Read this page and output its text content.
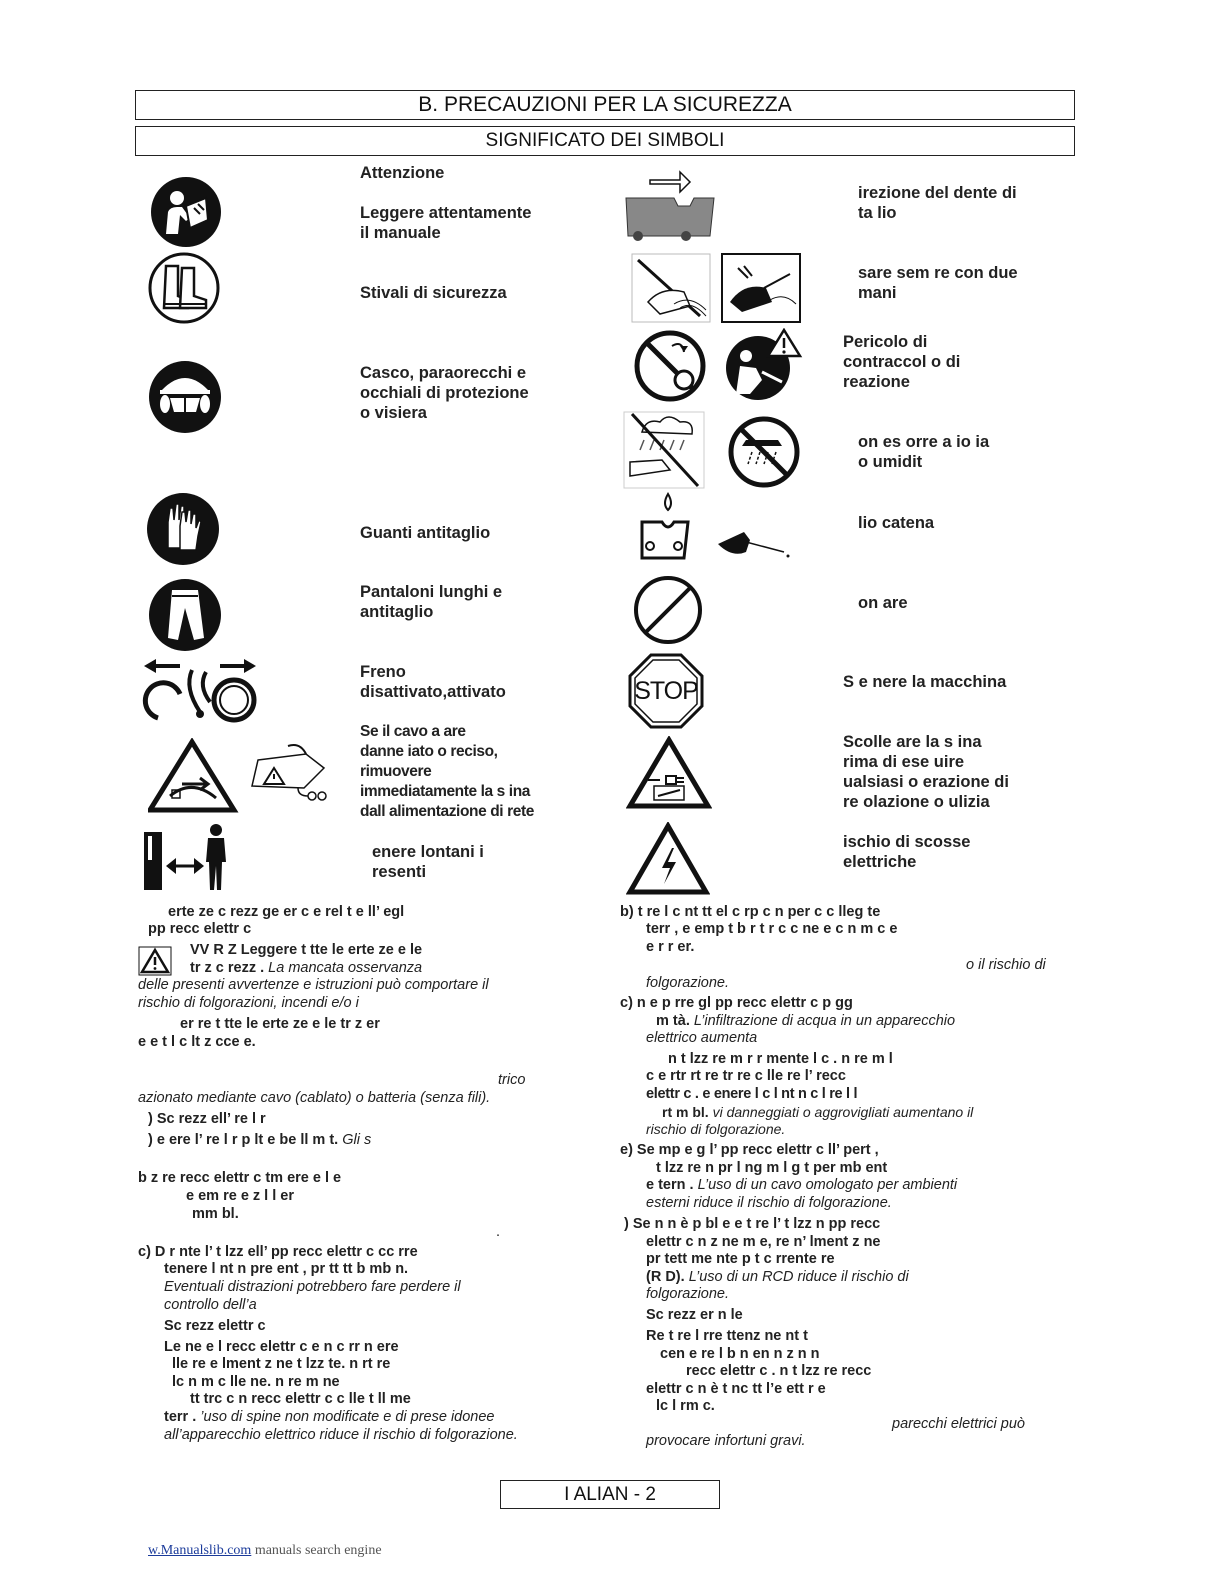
B. PRECAUZIONI PER LA SICUREZZA
SIGNIFICATO DEI SIMBOLI
Attenzione
Leggere attentamente
il manuale
Stivali di sicurezza
Casco, paraorecchi e
occhiali di protezione
o visiera
Guanti antitaglio
Pantaloni lunghi e
antitaglio
Freno
disattivato,attivato
Se il cavo a are
danne iato o reciso,
rimuovere
immediatamente la s ina
dall alimentazione di rete
enere lontani i
resenti
irezione del dente di
ta lio
sare sem re con due
mani
Pericolo di
contraccol o di
reazione
on es orre a io ia
o umidit
lio catena
on are
STOP	S e nere la macchina
Scolle are la s ina
rima di ese uire
ualsiasi o erazione di
re olazione o ulizia
ischio di scosse
elettriche
erte ze c rezz ge er c e rel t e ll’ egl
pp recc elettr c
VV R Z Leggere t tte le erte ze e le
tr z c rezz . La mancata osservanza
delle presenti avvertenze e istruzioni può comportare il
rischio di folgorazioni, incendi e/o i
er re t tte le erte ze e le tr z er
e e t l c lt z cce e.
trico
azionato mediante cavo (cablato) o batteria (senza fili).
) Sc rezz ell’ re l r
) e ere l’ re l r p lt e be ll m t. Gli s
b z re recc elettr c tm ere e l e
e em re e z l l er
mm bl.
.
c) D r nte l’ t lzz ell’ pp recc elettr c cc rre
tenere l nt n pre ent , pr tt tt b mb n.
Eventuali distrazioni potrebbero fare perdere il
controllo dell’a
Sc rezz elettr c
Le ne e l recc elettr c e n c rr n ere
lle re e lment z ne t lzz te. n rt re
lc n m c lle ne. n re m ne
tt trc c n recc elettr c c lle t ll me
terr . ’uso di spine non modificate e di prese idonee
all’apparecchio elettrico riduce il rischio di folgorazione.
b) t re l c nt tt el c rp c n per c c lleg te
terr , e emp t b r t r c c ne e c n m c e
e r r er.
o il rischio di
folgorazione.
c) n e p rre gl pp recc elettr c p gg
m tà. L’infiltrazione di acqua in un apparecchio
elettrico aumenta
n t lzz re m r r mente l c . n re m l
c e rtr rt re tr re c lle re l’ recc
elettr c . e enere l c l nt n c l re l l
rt m bl. vi danneggiati o aggrovigliati aumentano il
rischio di folgorazione.
e) Se mp e g l’ pp recc elettr c ll’ pert ,
t lzz re n pr l ng m l g t per mb ent
e tern . L’uso di un cavo omologato per ambienti
esterni riduce il rischio di folgorazione.
) Se n n è p bl e e t re l’ t lzz n pp recc
elettr c n z ne m e, re n’ lment z ne
pr tett me nte p t c rrente re
(R D). L’uso di un RCD riduce il rischio di
folgorazione.
Sc rezz er n le
Re t re l rre ttenz ne nt t
cen e re l b n en n z n n
recc elettr c . n t lzz re recc
elettr c n è t nc tt l’e ett r e
lc l rm c.
parecchi elettrici può
provocare infortuni gravi.
I ALIAN - 2
w.Manualslib.com manuals search engine
